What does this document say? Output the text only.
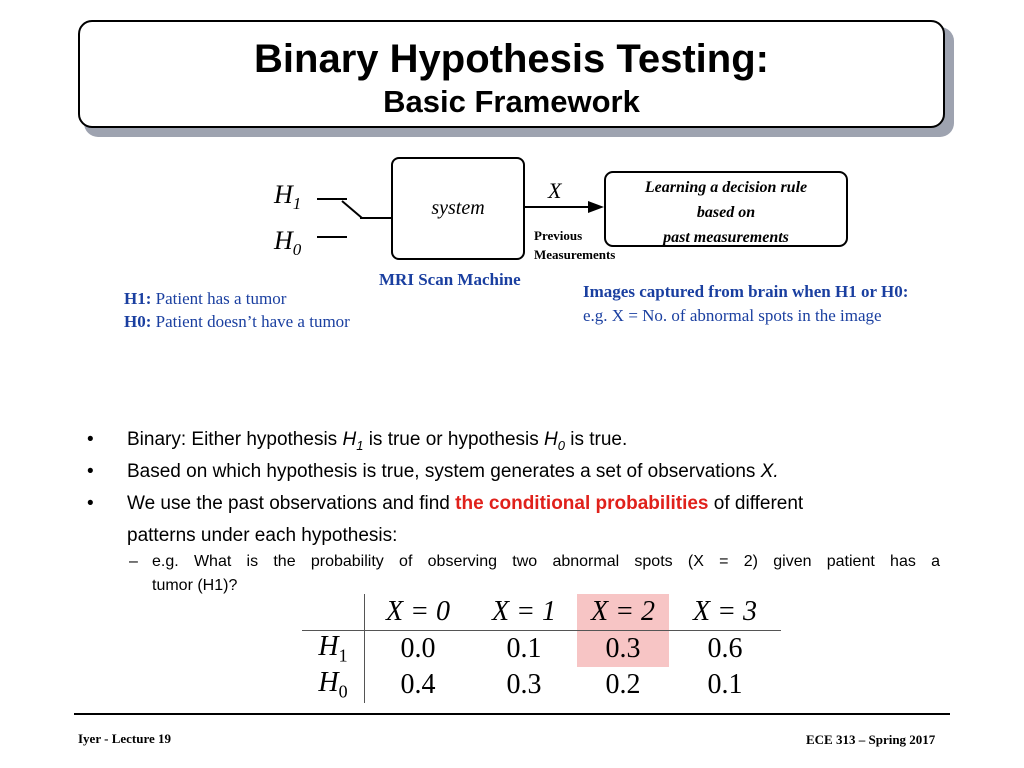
Binary Hypothesis Testing:
Basic Framework
$H_1$
$H_0$
system
X	Learning a decision rule
based on
past measurements
Previous
Measurements
MRI Scan Machine
H1: Patient has a tumor
H0: Patient doesn’t have a tumor
Images captured from brain when H1 or H0:
e.g. X = No. of abnormal spots in the image
• Binary: Either hypothesis $H_1$ is true or hypothesis $H_0$ is true.
• Based on which hypothesis is true, system generates a set of observations X.
• We use the past observations and find the conditional probabilities of different
patterns under each hypothesis:
– e.g. What is the probability of observing two abnormal spots (X = 2) given patient has a
tumor (H1)?
	X = 0	X = 1	X = 2	X = 3
$H_1$	0.0	0.1	0.3	0.6
$H_0$	0.4	0.3	0.2	0.1
Iyer - Lecture 19	ECE 313 – Spring 2017
